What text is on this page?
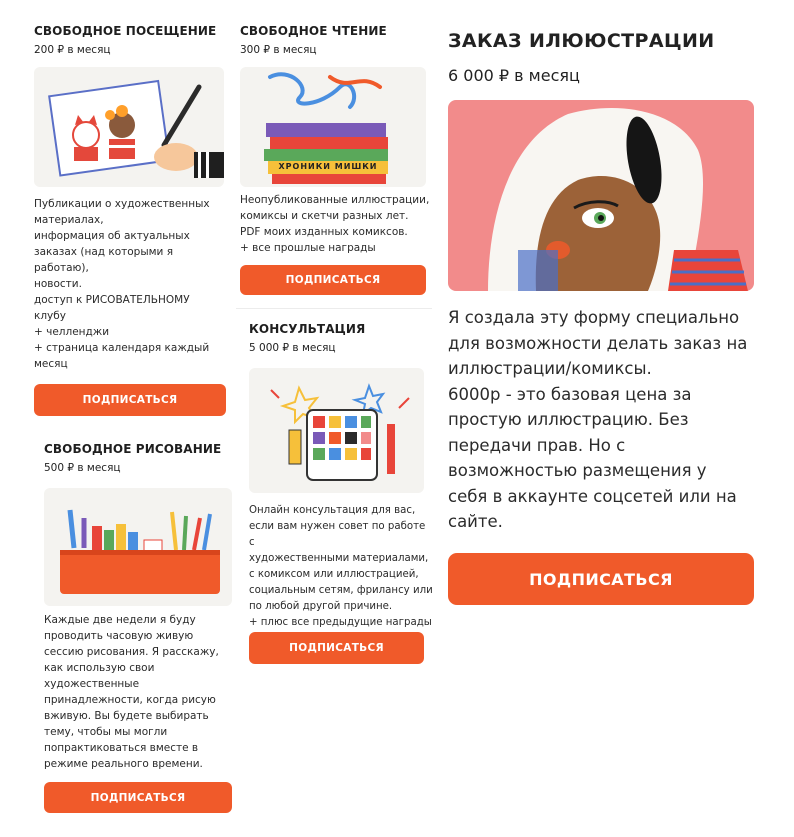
СВОБОДНОЕ ПОСЕЩЕНИЕ
200 ₽ в месяц
Публикации о художественных
материалах,
информация об актуальных
заказах (над которыми я
работаю),
новости.
доступ к РИСОВАТЕЛЬНОМУ
клубу
+ челленджи
+ страница календаря каждый
месяц
ПОДПИСАТЬСЯ
СВОБОДНОЕ ЧТЕНИЕ
300 ₽ в месяц
ХРОНИКИ МИШКИ
Неопубликованные иллюстрации,
комиксы и скетчи разных лет.
PDF моих изданных комиксов.
+ все прошлые награды
ПОДПИСАТЬСЯ
КОНСУЛЬТАЦИЯ
5 000 ₽ в месяц
Онлайн консультация для вас,
если вам нужен совет по работе с
художественными материалами,
с комиксом или иллюстрацией,
социальным сетям, фрилансу или
по любой другой причине.
+ плюс все предыдущие награды
ПОДПИСАТЬСЯ
СВОБОДНОЕ РИСОВАНИЕ
500 ₽ в месяц
Каждые две недели я буду
проводить часовую живую
сессию рисования. Я расскажу,
как использую свои
художественные
принадлежности, когда рисую
вживую. Вы будете выбирать
тему, чтобы мы могли
попрактиковаться вместе в
режиме реального времени.
ПОДПИСАТЬСЯ
ЗАКАЗ ИЛЮЮСТРАЦИИ
6 000 ₽ в месяц
Я создала эту форму специально
для возможности делать заказ на
иллюстрации/комиксы.
6000р - это базовая цена за
простую иллюстрацию. Без
передачи прав. Но с
возможностью размещения у
себя в аккаунте соцсетей или на
сайте.
ПОДПИСАТЬСЯ
